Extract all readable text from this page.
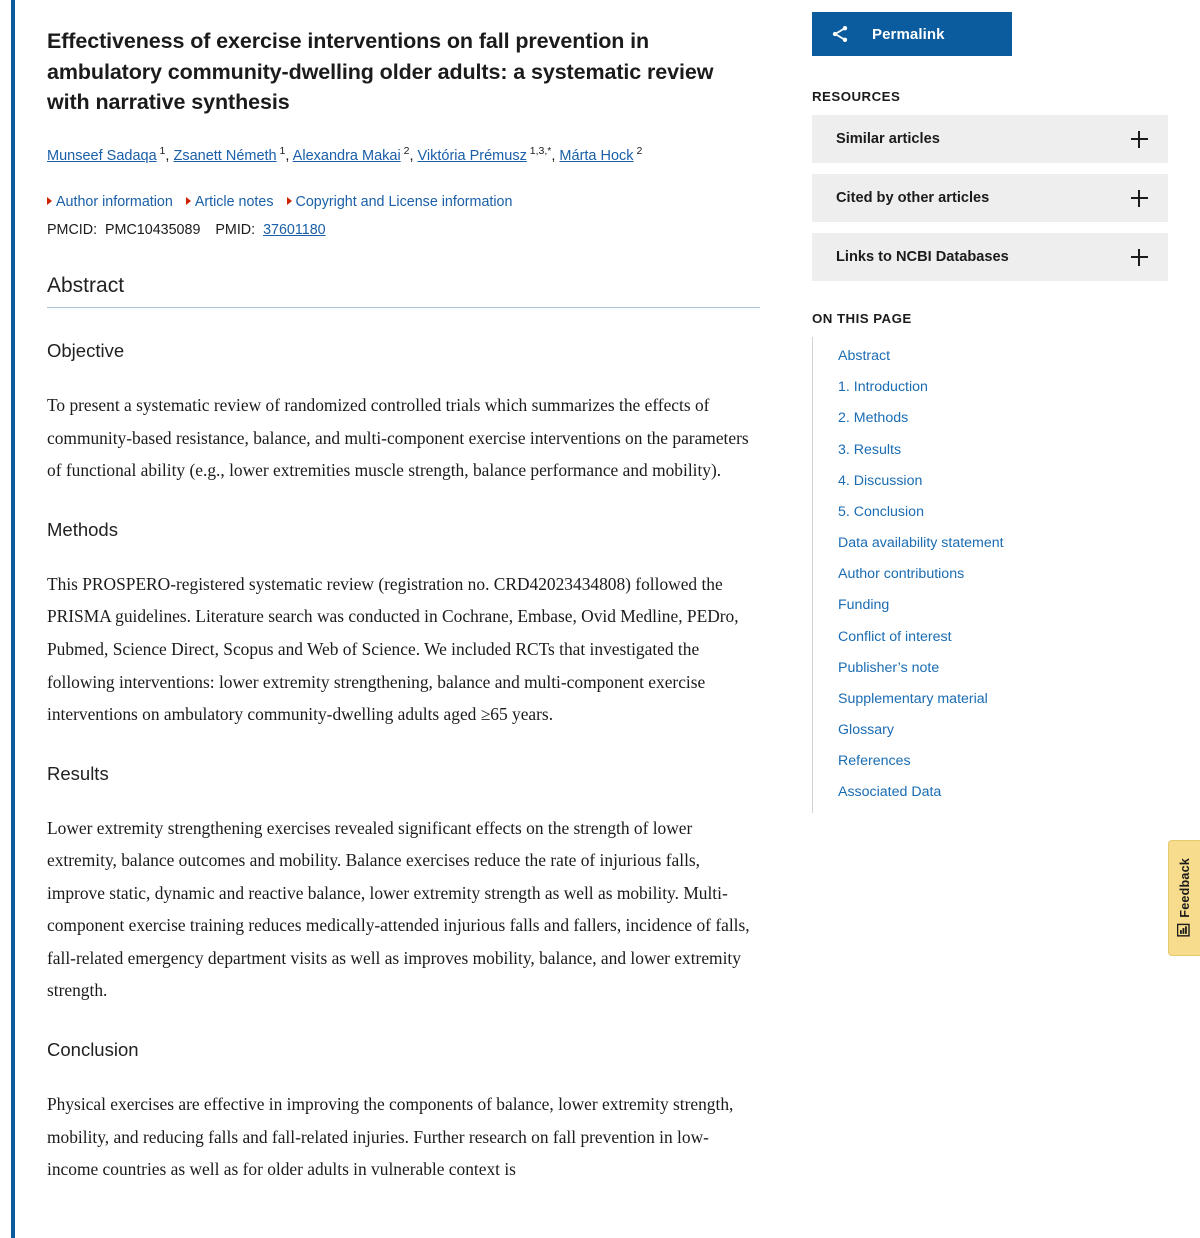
Effectiveness of exercise interventions on fall prevention in ambulatory community-dwelling older adults: a systematic review with narrative synthesis
Munseef Sadaqa $^1$, Zsanett Németh $^1$, Alexandra Makai $^2$, Viktória Prémusz $^{1,3,*}$, Márta Hock $^2$
Author information Article notes Copyright and License information
PMCID: PMC10435089 PMID: 37601180
Abstract
Objective

To present a systematic review of randomized controlled trials which summarizes the effects of community-based resistance, balance, and multi-component exercise interventions on the parameters of functional ability (e.g., lower extremities muscle strength, balance performance and mobility).

Methods

This PROSPERO-registered systematic review (registration no. CRD42023434808) followed the PRISMA guidelines. Literature search was conducted in Cochrane, Embase, Ovid Medline, PEDro, Pubmed, Science Direct, Scopus and Web of Science. We included RCTs that investigated the following interventions: lower extremity strengthening, balance and multi-component exercise interventions on ambulatory community-dwelling adults aged ≥65 years.

Results

Lower extremity strengthening exercises revealed significant effects on the strength of lower extremity, balance outcomes and mobility. Balance exercises reduce the rate of injurious falls, improve static, dynamic and reactive balance, lower extremity strength as well as mobility. Multi-component exercise training reduces medically-attended injurious falls and fallers, incidence of falls, fall-related emergency department visits as well as improves mobility, balance, and lower extremity strength.

Conclusion

Physical exercises are effective in improving the components of balance, lower extremity strength, mobility, and reducing falls and fall-related injuries. Further research on fall prevention in low-income countries as well as for older adults in vulnerable context is

Permalink
RESOURCES
Similar articles
Cited by other articles
Links to NCBI Databases
ON THIS PAGE
Abstract
1. Introduction
2. Methods
3. Results
4. Discussion
5. Conclusion
Data availability statement
Author contributions
Funding
Conflict of interest
Publisher’s note
Supplementary material
Glossary
References
Associated Data
Feedback
